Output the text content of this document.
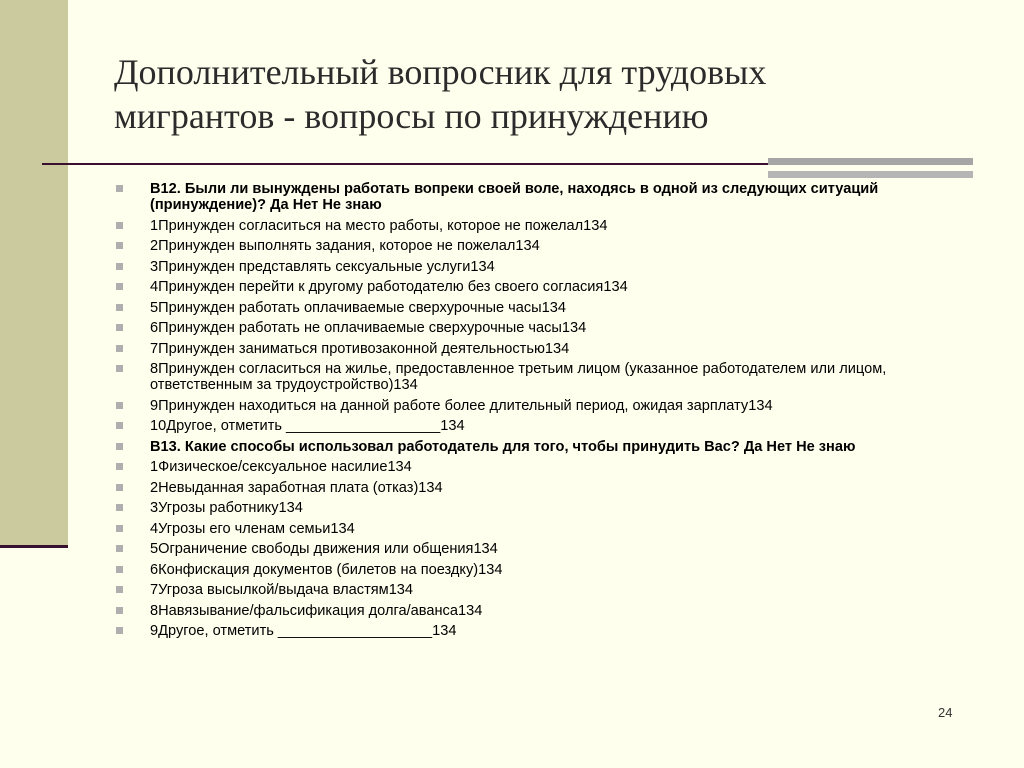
Дополнительный вопросник для трудовых
мигрантов - вопросы по принуждению
B12. Были ли вынуждены работать вопреки своей воле, находясь в одной из следующих ситуаций (принуждение)? Да Нет Не знаю
1Принужден согласиться на место работы, которое не пожелал134
2Принужден выполнять задания, которое не пожелал134
3Принужден представлять сексуальные услуги134
4Принужден перейти к другому работодателю без своего согласия134
5Принужден работать оплачиваемые сверхурочные часы134
6Принужден работать не оплачиваемые сверхурочные часы134
7Принужден заниматься противозаконной деятельностью134
8Принужден согласиться на жилье, предоставленное третьим лицом (указанное работодателем или лицом, ответственным за трудоустройство)134
9Принужден находиться на данной работе более длительный период, ожидая зарплату134
10Другое, отметить ___________________134
B13. Какие способы использовал работодатель для того, чтобы принудить Вас? Да Нет Не знаю
1Физическое/сексуальное насилие134
2Невыданная заработная плата (отказ)134
3Угрозы работнику134
4Угрозы его членам семьи134
5Ограничение свободы движения или общения134
6Конфискация документов (билетов на поездку)134
7Угроза высылкой/выдача властям134
8Навязывание/фальсификация долга/аванса134
9Другое, отметить ___________________134
24
